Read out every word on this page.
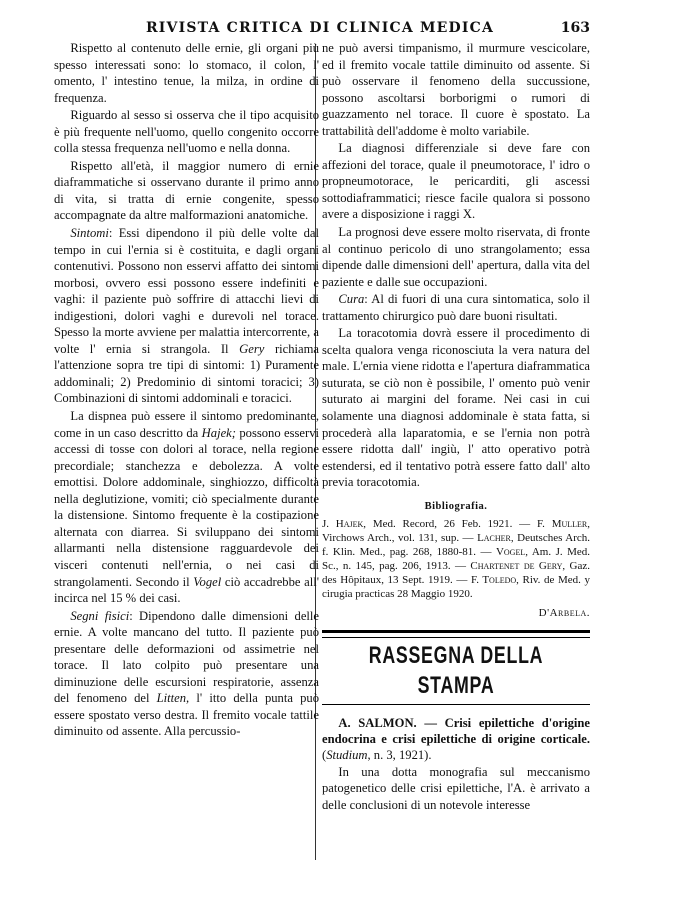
RIVISTA CRITICA DI CLINICA MEDICA	163

Rispetto al contenuto delle ernie, gli organi più spesso interessati sono: lo stomaco, il colon, l' omento, l' intestino tenue, la milza, in ordine di frequenza.

Riguardo al sesso si osserva che il tipo acquisito è più frequente nell'uomo, quello congenito occorre colla stessa frequenza nell'uomo e nella donna.

Rispetto all'età, il maggior numero di ernie diaframmatiche si osservano durante il primo anno di vita, si tratta di ernie congenite, spesso accompagnate da altre malformazioni anatomiche.

Sintomi: Essi dipendono il più delle volte dal tempo in cui l'ernia si è costituita, e dagli organi contenutivi. Possono non esservi affatto dei sintomi morbosi, ovvero essi possono essere indefiniti e vaghi: il paziente può soffrire di attacchi lievi di indigestioni, dolori vaghi e durevoli nel torace. Spesso la morte avviene per malattia intercorrente, a volte l' ernia si strangola. Il Gery richiama l'attenzione sopra tre tipi di sintomi: 1) Puramente addominali; 2) Predominio di sintomi toracici; 3) Combinazioni di sintomi addominali e toracici.

La dispnea può essere il sintomo predominante, come in un caso descritto da Hajek; possono esservi accessi di tosse con dolori al torace, nella regione precordiale; stanchezza e debolezza. A volte emottisi. Dolore addominale, singhiozzo, difficoltà nella deglutizione, vomiti; ciò specialmente durante la distensione. Sintomo frequente è la costipazione alternata con diarrea. Si sviluppano dei sintomi allarmanti nella distensione ragguardevole dei visceri contenuti nell'ernia, o nei casi di strangolamenti. Secondo il Vogel ciò accadrebbe all' incirca nel 15 % dei casi.

Segni fisici: Dipendono dalle dimensioni delle ernie. A volte mancano del tutto. Il paziente può presentare delle deformazioni od assimetrie nel torace. Il lato colpito può presentare una diminuzione delle escursioni respiratorie, assenza del fenomeno del Litten, l' itto della punta può essere spostato verso destra. Il fremito vocale tattile diminuito od assente. Alla percussio-

ne può aversi timpanismo, il murmure vescicolare, ed il fremito vocale tattile diminuito od assente. Si può osservare il fenomeno della succussione, possono ascoltarsi borborigmi o rumori di guazzamento nel torace. Il cuore è spostato. La trattabilità dell'addome è molto variabile.

La diagnosi differenziale si deve fare con affezioni del torace, quale il pneumotorace, l' idro o propneumotorace, le pericarditi, gli ascessi sottodiaframmatici; riesce facile qualora si possono avere a disposizione i raggi X.

La prognosi deve essere molto riservata, di fronte al continuo pericolo di uno strangolamento; essa dipende dalle dimensioni dell' apertura, dalla vita del paziente e dalle sue occupazioni.

Cura: Al di fuori di una cura sintomatica, solo il trattamento chirurgico può dare buoni risultati.

La toracotomia dovrà essere il procedimento di scelta qualora venga riconosciuta la vera natura del male. L'ernia viene ridotta e l'apertura diaframmatica suturata, se ciò non è possibile, l' omento può venir suturato ai margini del forame. Nei casi in cui solamente una diagnosi addominale è stata fatta, si procederà alla laparatomia, e se l'ernia non potrà essere ridotta dall' ingiù, l' atto operativo potrà estendersi, ed il tentativo potrà essere fatto dall' alto previa toracotomia.

Bibliografia.
J. Hajek, Med. Record, 26 Feb. 1921. — F. Muller, Virchows Arch., vol. 131, sup. — Lacher, Deutsches Arch. f. Klin. Med., pag. 268, 1880-81. — Vogel, Am. J. Med. Sc., n. 145, pag. 206, 1913. — Chartenet de Gery, Gaz. des Hôpitaux, 13 Sept. 1919. — F. Toledo, Riv. de Med. y cirugia practicas 28 Maggio 1920.
D'Arbela.
RASSEGNA DELLA STAMPA

A. SALMON. — Crisi epilettiche d'origine endocrina e crisi epilettiche di origine corticale. (Studium, n. 3, 1921).

In una dotta monografia sul meccanismo patogenetico delle crisi epilettiche, l'A. è arrivato a delle conclusioni di un notevole interesse
